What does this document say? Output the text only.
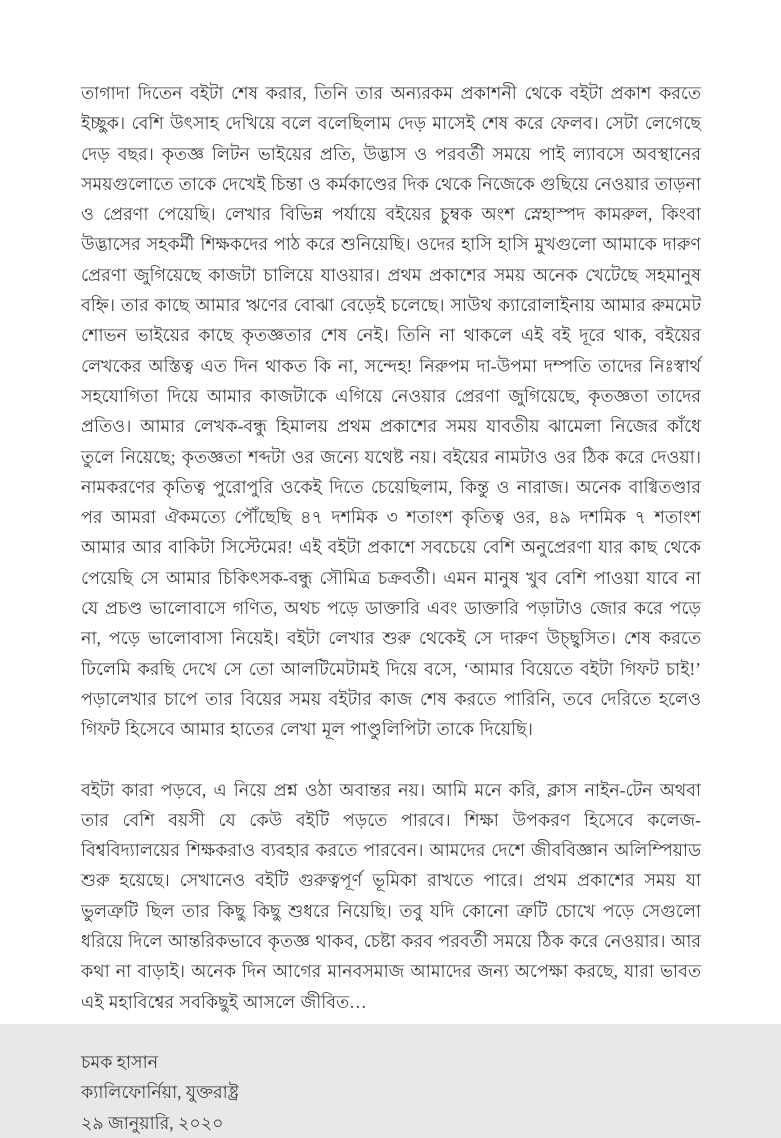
তাগাদা দিতেন বইটা শেষ করার, তিনি তার অন্যরকম প্রকাশনী থেকে বইটা প্রকাশ করতে ইচ্ছুক। বেশি উৎসাহ দেখিয়ে বলে বলেছিলাম দেড় মাসেই শেষ করে ফেলব। সেটা লেগেছে দেড় বছর। কৃতজ্ঞ লিটন ভাইয়ের প্রতি, উদ্ভাস ও পরবর্তী সময়ে পাই ল্যাবসে অবস্থানের সময়গুলোতে তাকে দেখেই চিন্তা ও কর্মকাণ্ডের দিক থেকে নিজেকে গুছিয়ে নেওয়ার তাড়না ও প্রেরণা পেয়েছি। লেখার বিভিন্ন পর্যায়ে বইয়ের চুম্বক অংশ স্নেহাস্পদ কামরুল, কিংবা উদ্ভাসের সহকর্মী শিক্ষকদের পাঠ করে শুনিয়েছি। ওদের হাসি হাসি মুখগুলো আমাকে দারুণ প্রেরণা জুগিয়েছে কাজটা চালিয়ে যাওয়ার। প্রথম প্রকাশের সময় অনেক খেটেছে সহমানুষ বহ্নি। তার কাছে আমার ঋণের বোঝা বেড়েই চলেছে। সাউথ ক্যারোলাইনায় আমার রুমমেট শোভন ভাইয়ের কাছে কৃতজ্ঞতার শেষ নেই। তিনি না থাকলে এই বই দূরে থাক, বইয়ের লেখকের অস্তিত্ব এত দিন থাকত কি না, সন্দেহ! নিরুপম দা-উপমা দম্পতি তাদের নিঃস্বার্থ সহযোগিতা দিয়ে আমার কাজটাকে এগিয়ে নেওয়ার প্রেরণা জুগিয়েছে, কৃতজ্ঞতা তাদের প্রতিও। আমার লেখক-বন্ধু হিমালয় প্রথম প্রকাশের সময় যাবতীয় ঝামেলা নিজের কাঁধে তুলে নিয়েছে; কৃতজ্ঞতা শব্দটা ওর জন্যে যথেষ্ট নয়। বইয়ের নামটাও ওর ঠিক করে দেওয়া। নামকরণের কৃতিত্ব পুরোপুরি ওকেই দিতে চেয়েছিলাম, কিন্তু ও নারাজ। অনেক বাগ্বিতণ্ডার পর আমরা ঐকমত্যে পৌঁছেছি ৪৭ দশমিক ৩ শতাংশ কৃতিত্ব ওর, ৪৯ দশমিক ৭ শতাংশ আমার আর বাকিটা সিস্টেমের! এই বইটা প্রকাশে সবচেয়ে বেশি অনুপ্রেরণা যার কাছ থেকে পেয়েছি সে আমার চিকিৎসক-বন্ধু সৌমিত্র চক্রবর্তী। এমন মানুষ খুব বেশি পাওয়া যাবে না যে প্রচণ্ড ভালোবাসে গণিত, অথচ পড়ে ডাক্তারি এবং ডাক্তারি পড়াটাও জোর করে পড়ে না, পড়ে ভালোবাসা নিয়েই। বইটা লেখার শুরু থেকেই সে দারুণ উচ্ছ্বসিত। শেষ করতে ঢিলেমি করছি দেখে সে তো আলটিমেটামই দিয়ে বসে, ‘আমার বিয়েতে বইটা গিফট চাই!’ পড়ালেখার চাপে তার বিয়ের সময় বইটার কাজ শেষ করতে পারিনি, তবে দেরিতে হলেও গিফট হিসেবে আমার হাতের লেখা মূল পাণ্ডুলিপিটা তাকে দিয়েছি।

বইটা কারা পড়বে, এ নিয়ে প্রশ্ন ওঠা অবান্তর নয়। আমি মনে করি, ক্লাস নাইন-টেন অথবা তার বেশি বয়সী যে কেউ বইটি পড়তে পারবে। শিক্ষা উপকরণ হিসেবে কলেজ-বিশ্ববিদ্যালয়ের শিক্ষকরাও ব্যবহার করতে পারবেন। আমদের দেশে জীববিজ্ঞান অলিম্পিয়াড শুরু হয়েছে। সেখানেও বইটি গুরুত্বপূর্ণ ভূমিকা রাখতে পারে। প্রথম প্রকাশের সময় যা ভুলত্রুটি ছিল তার কিছু কিছু শুধরে নিয়েছি। তবু যদি কোনো ত্রুটি চোখে পড়ে সেগুলো ধরিয়ে দিলে আন্তরিকভাবে কৃতজ্ঞ থাকব, চেষ্টা করব পরবর্তী সময়ে ঠিক করে নেওয়ার। আর কথা না বাড়াই। অনেক দিন আগের মানবসমাজ আমাদের জন্য অপেক্ষা করছে, যারা ভাবত এই মহাবিশ্বের সবকিছুই আসলে জীবিত…

চমক হাসান
ক্যালিফোর্নিয়া, যুক্তরাষ্ট্র
২৯ জানুয়ারি, ২০২০
